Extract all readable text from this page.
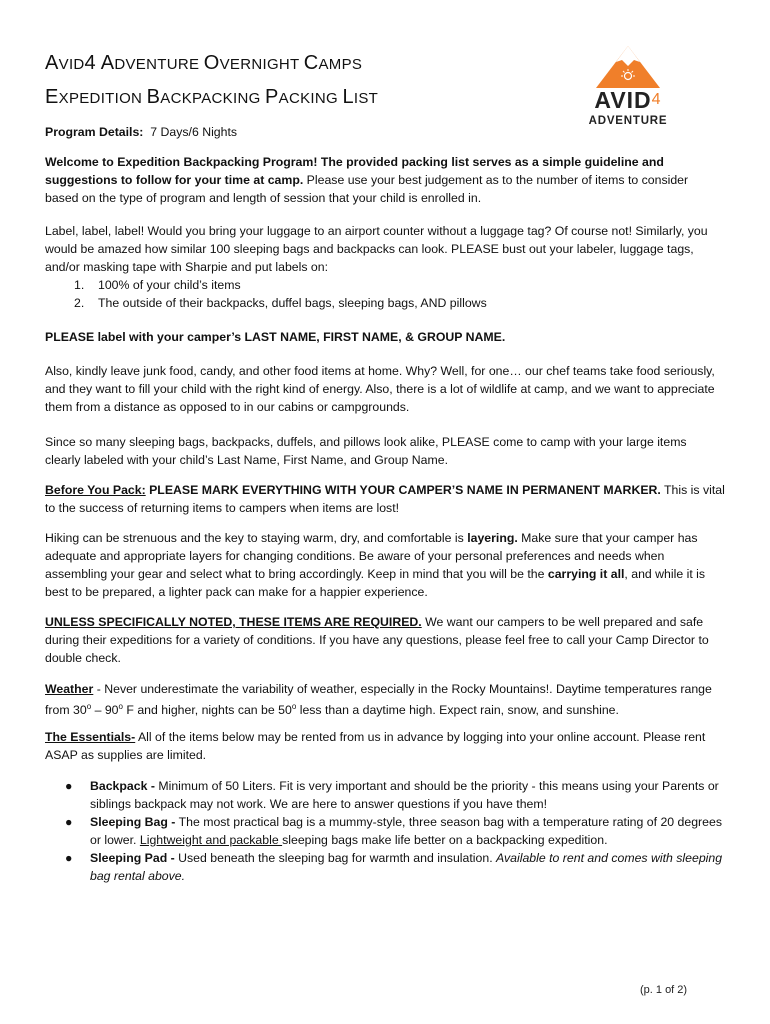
AVID4 ADVENTURE OVERNIGHT CAMPS
EXPEDITION BACKPACKING PACKING LIST	AVID$^4$
ADVENTURE
Program Details: 7 Days/6 Nights
Welcome to Expedition Backpacking Program! The provided packing list serves as a simple guideline and suggestions to follow for your time at camp. Please use your best judgement as to the number of items to consider based on the type of program and length of session that your child is enrolled in.
Label, label, label! Would you bring your luggage to an airport counter without a luggage tag? Of course not! Similarly, you would be amazed how similar 100 sleeping bags and backpacks can look. PLEASE bust out your labeler, luggage tags, and/or masking tape with Sharpie and put labels on:
1. 100% of your child’s items
2. The outside of their backpacks, duffel bags, sleeping bags, AND pillows
PLEASE label with your camper’s LAST NAME, FIRST NAME, & GROUP NAME.
Also, kindly leave junk food, candy, and other food items at home. Why? Well, for one… our chef teams take food seriously, and they want to fill your child with the right kind of energy. Also, there is a lot of wildlife at camp, and we want to appreciate them from a distance as opposed to in our cabins or campgrounds.
Since so many sleeping bags, backpacks, duffels, and pillows look alike, PLEASE come to camp with your large items clearly labeled with your child’s Last Name, First Name, and Group Name.
Before You Pack: PLEASE MARK EVERYTHING WITH YOUR CAMPER’S NAME IN PERMANENT MARKER. This is vital to the success of returning items to campers when items are lost!
Hiking can be strenuous and the key to staying warm, dry, and comfortable is layering. Make sure that your camper has adequate and appropriate layers for changing conditions. Be aware of your personal preferences and needs when assembling your gear and select what to bring accordingly. Keep in mind that you will be the carrying it all, and while it is best to be prepared, a lighter pack can make for a happier experience.
UNLESS SPECIFICALLY NOTED, THESE ITEMS ARE REQUIRED. We want our campers to be well prepared and safe during their expeditions for a variety of conditions. If you have any questions, please feel free to call your Camp Director to double check.
Weather - Never underestimate the variability of weather, especially in the Rocky Mountains!. Daytime temperatures range from 30$^o$ – 90$^o$ F and higher, nights can be 50$^o$ less than a daytime high. Expect rain, snow, and sunshine.
The Essentials- All of the items below may be rented from us in advance by logging into your online account. Please rent ASAP as supplies are limited.
● Backpack - Minimum of 50 Liters. Fit is very important and should be the priority - this means using your Parents or siblings backpack may not work. We are here to answer questions if you have them!
● Sleeping Bag - The most practical bag is a mummy-style, three season bag with a temperature rating of 20 degrees or lower. Lightweight and packable sleeping bags make life better on a backpacking expedition.
● Sleeping Pad - Used beneath the sleeping bag for warmth and insulation. Available to rent and comes with sleeping bag rental above.
(p. 1 of 2)
